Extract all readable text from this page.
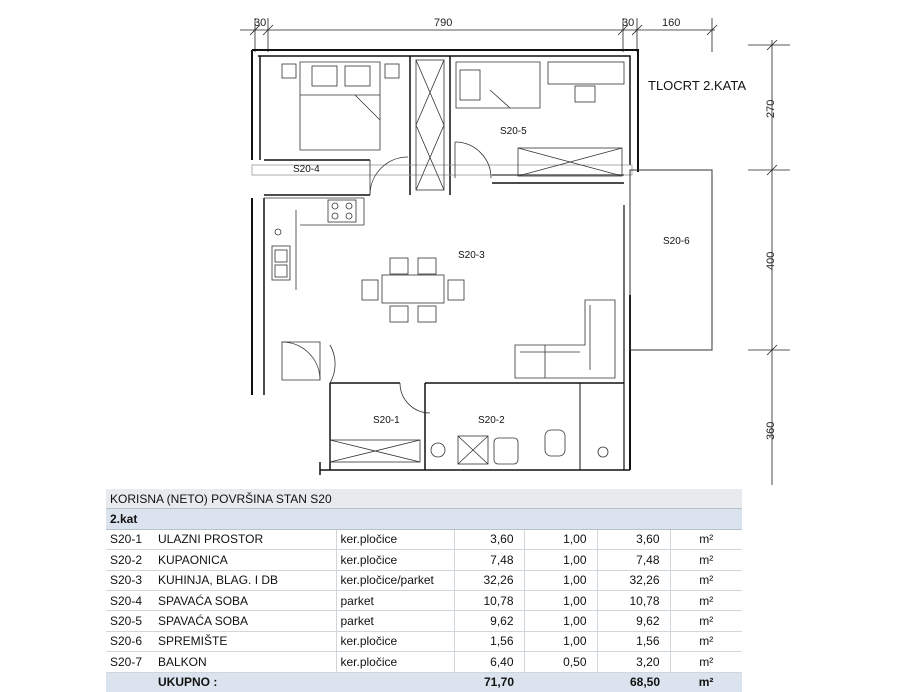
30	790	30	160
270
400
360
TLOCRT 2.KATA
S20-4
S20-5
S20-3
S20-6
S20-1	S20-2
KORISNA (NETO) POVRŠINA STAN S20						
2.kat						
S20-1	ULAZNI PROSTOR	ker.pločice	3,60	1,00	3,60	m²
S20-2	KUPAONICA	ker.pločice	7,48	1,00	7,48	m²
S20-3	KUHINJA, BLAG. I DB	ker.pločice/parket	32,26	1,00	32,26	m²
S20-4	SPAVAĆA SOBA	parket	10,78	1,00	10,78	m²
S20-5	SPAVAĆA SOBA	parket	9,62	1,00	9,62	m²
S20-6	SPREMIŠTE	ker.pločice	1,56	1,00	1,56	m²
S20-7	BALKON	ker.pločice	6,40	0,50	3,20	m²
	UKUPNO :		71,70		68,50	m²
